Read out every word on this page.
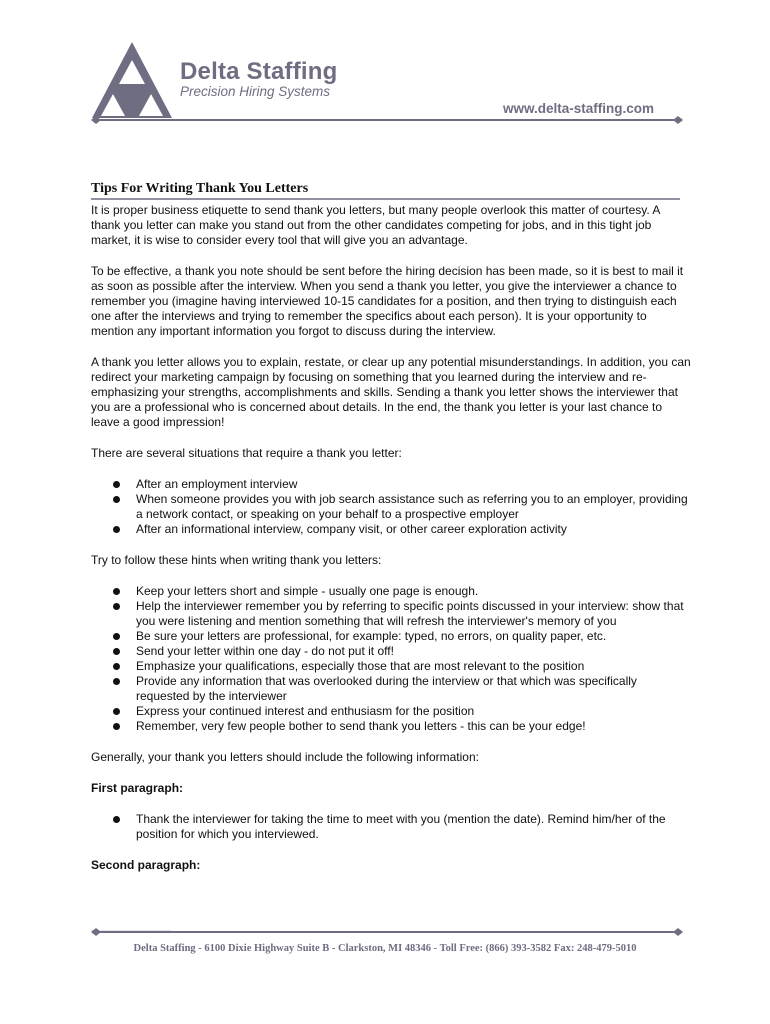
Delta Staffing
Precision Hiring Systems
www.delta-staffing.com
Tips For Writing Thank You Letters

It is proper business etiquette to send thank you letters, but many people overlook this matter of courtesy. A thank you letter can make you stand out from the other candidates competing for jobs, and in this tight job market, it is wise to consider every tool that will give you an advantage.

To be effective, a thank you note should be sent before the hiring decision has been made, so it is best to mail it as soon as possible after the interview. When you send a thank you letter, you give the interviewer a chance to remember you (imagine having interviewed 10-15 candidates for a position, and then trying to distinguish each one after the interviews and trying to remember the specifics about each person). It is your opportunity to mention any important information you forgot to discuss during the interview.

A thank you letter allows you to explain, restate, or clear up any potential misunderstandings. In addition, you can redirect your marketing campaign by focusing on something that you learned during the interview and re-emphasizing your strengths, accomplishments and skills. Sending a thank you letter shows the interviewer that you are a professional who is concerned about details. In the end, the thank you letter is your last chance to leave a good impression!

There are several situations that require a thank you letter:

After an employment interview
When someone provides you with job search assistance such as referring you to an employer, providing a network contact, or speaking on your behalf to a prospective employer
After an informational interview, company visit, or other career exploration activity

Try to follow these hints when writing thank you letters:

Keep your letters short and simple - usually one page is enough.
Help the interviewer remember you by referring to specific points discussed in your interview: show that you were listening and mention something that will refresh the interviewer's memory of you
Be sure your letters are professional, for example: typed, no errors, on quality paper, etc.
Send your letter within one day - do not put it off!
Emphasize your qualifications, especially those that are most relevant to the position
Provide any information that was overlooked during the interview or that which was specifically requested by the interviewer
Express your continued interest and enthusiasm for the position
Remember, very few people bother to send thank you letters - this can be your edge!

Generally, your thank you letters should include the following information:

First paragraph:
Thank the interviewer for taking the time to meet with you (mention the date). Remind him/her of the position for which you interviewed.
Second paragraph:
Delta Staffing - 6100 Dixie Highway Suite B - Clarkston, MI 48346 - Toll Free: (866) 393-3582 Fax: 248-479-5010
